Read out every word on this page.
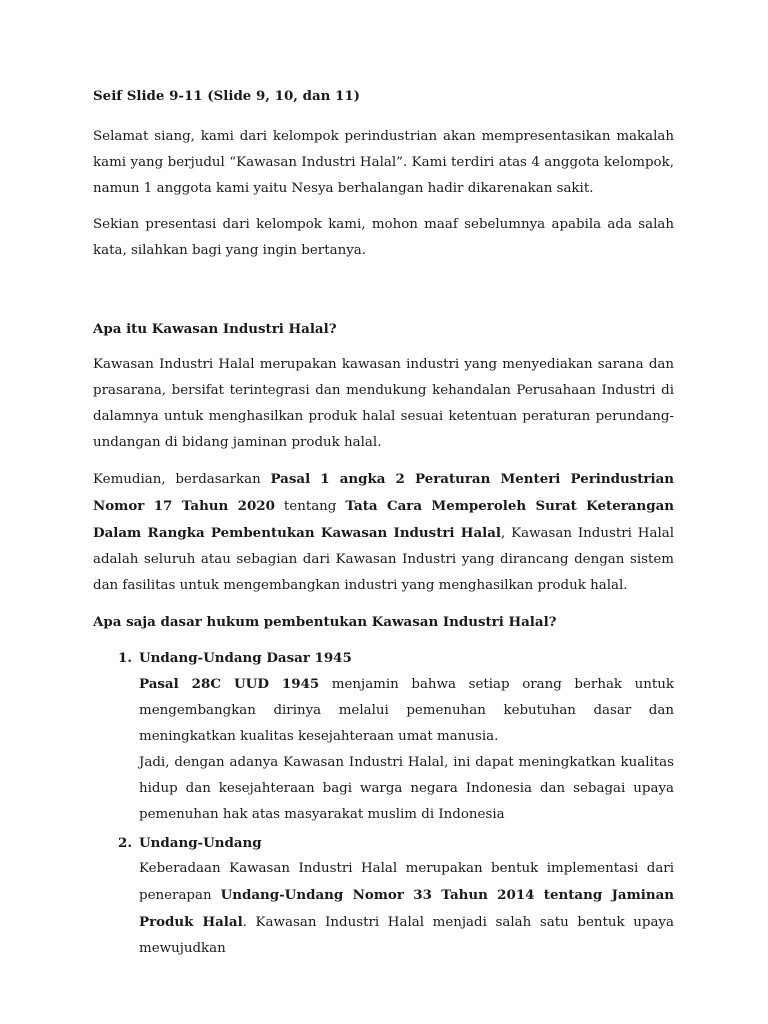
Seif Slide 9-11 (Slide 9, 10, dan 11)

Selamat siang, kami dari kelompok perindustrian akan mempresentasikan makalah kami yang berjudul “Kawasan Industri Halal”. Kami terdiri atas 4 anggota kelompok, namun 1 anggota kami yaitu Nesya berhalangan hadir dikarenakan sakit.

Sekian presentasi dari kelompok kami, mohon maaf sebelumnya apabila ada salah kata, silahkan bagi yang ingin bertanya.

Apa itu Kawasan Industri Halal?

Kawasan Industri Halal merupakan kawasan industri yang menyediakan sarana dan prasarana, bersifat terintegrasi dan mendukung kehandalan Perusahaan Industri di dalamnya untuk menghasilkan produk halal sesuai ketentuan peraturan perundang-undangan di bidang jaminan produk halal.

Kemudian, berdasarkan Pasal 1 angka 2 Peraturan Menteri Perindustrian Nomor 17 Tahun 2020 tentang Tata Cara Memperoleh Surat Keterangan Dalam Rangka Pembentukan Kawasan Industri Halal, Kawasan Industri Halal adalah seluruh atau sebagian dari Kawasan Industri yang dirancang dengan sistem dan fasilitas untuk mengembangkan industri yang menghasilkan produk halal.

Apa saja dasar hukum pembentukan Kawasan Industri Halal?
1. Undang-Undang Dasar 1945

Pasal 28C UUD 1945 menjamin bahwa setiap orang berhak untuk mengembangkan dirinya melalui pemenuhan kebutuhan dasar dan meningkatkan kualitas kesejahteraan umat manusia.

Jadi, dengan adanya Kawasan Industri Halal, ini dapat meningkatkan kualitas hidup dan kesejahteraan bagi warga negara Indonesia dan sebagai upaya pemenuhan hak atas masyarakat muslim di Indonesia

2. Undang-Undang

Keberadaan Kawasan Industri Halal merupakan bentuk implementasi dari penerapan Undang-Undang Nomor 33 Tahun 2014 tentang Jaminan Produk Halal. Kawasan Industri Halal menjadi salah satu bentuk upaya mewujudkan
